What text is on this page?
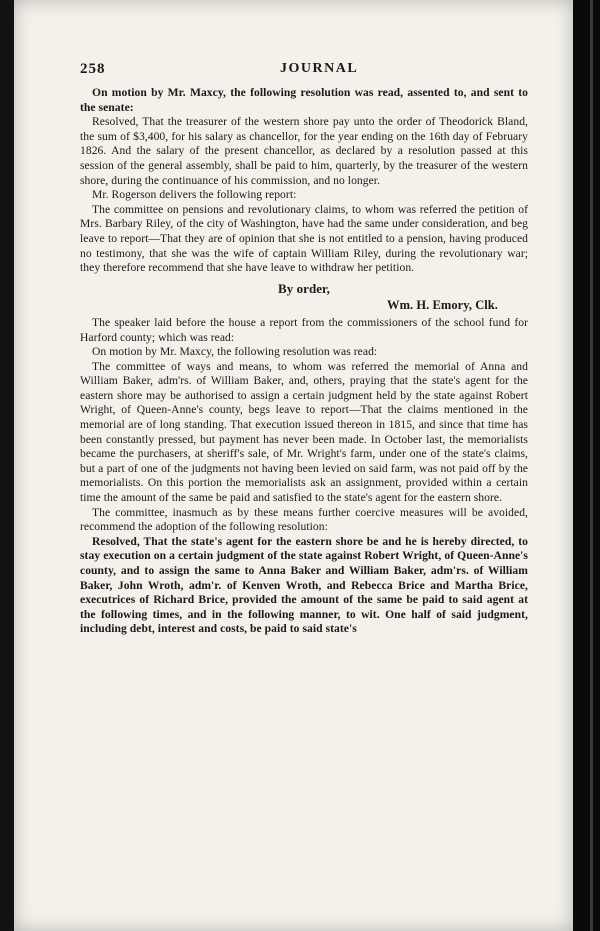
258	JOURNAL

On motion by Mr. Maxcy, the following resolution was read, assented to, and sent to the senate:

Resolved, That the treasurer of the western shore pay unto the order of Theodorick Bland, the sum of $3,400, for his salary as chancellor, for the year ending on the 16th day of February 1826. And the salary of the present chancellor, as declared by a resolution passed at this session of the general assembly, shall be paid to him, quarterly, by the treasurer of the western shore, during the continuance of his commission, and no longer.

Mr. Rogerson delivers the following report:

The committee on pensions and revolutionary claims, to whom was referred the petition of Mrs. Barbary Riley, of the city of Washington, have had the same under consideration, and beg leave to report—That they are of opinion that she is not entitled to a pension, having produced no testimony, that she was the wife of captain William Riley, during the revolutionary war; they therefore recommend that she have leave to withdraw her petition.

By order,
Wm. H. Emory, Clk.

The speaker laid before the house a report from the commissioners of the school fund for Harford county; which was read:

On motion by Mr. Maxcy, the following resolution was read:

The committee of ways and means, to whom was referred the memorial of Anna and William Baker, adm'rs. of William Baker, and, others, praying that the state's agent for the eastern shore may be authorised to assign a certain judgment held by the state against Robert Wright, of Queen-Anne's county, begs leave to report—That the claims mentioned in the memorial are of long standing. That execution issued thereon in 1815, and since that time has been constantly pressed, but payment has never been made. In October last, the memorialists became the purchasers, at sheriff's sale, of Mr. Wright's farm, under one of the state's claims, but a part of one of the judgments not having been levied on said farm, was not paid off by the memorialists. On this portion the memorialists ask an assignment, provided within a certain time the amount of the same be paid and satisfied to the state's agent for the eastern shore.

The committee, inasmuch as by these means further coercive measures will be avoided, recommend the adoption of the following resolution:

Resolved, That the state's agent for the eastern shore be and he is hereby directed, to stay execution on a certain judgment of the state against Robert Wright, of Queen-Anne's county, and to assign the same to Anna Baker and William Baker, adm'rs. of William Baker, John Wroth, adm'r. of Kenven Wroth, and Rebecca Brice and Martha Brice, executrices of Richard Brice, provided the amount of the same be paid to said agent at the following times, and in the following manner, to wit. One half of said judgment, including debt, interest and costs, be paid to said state's
